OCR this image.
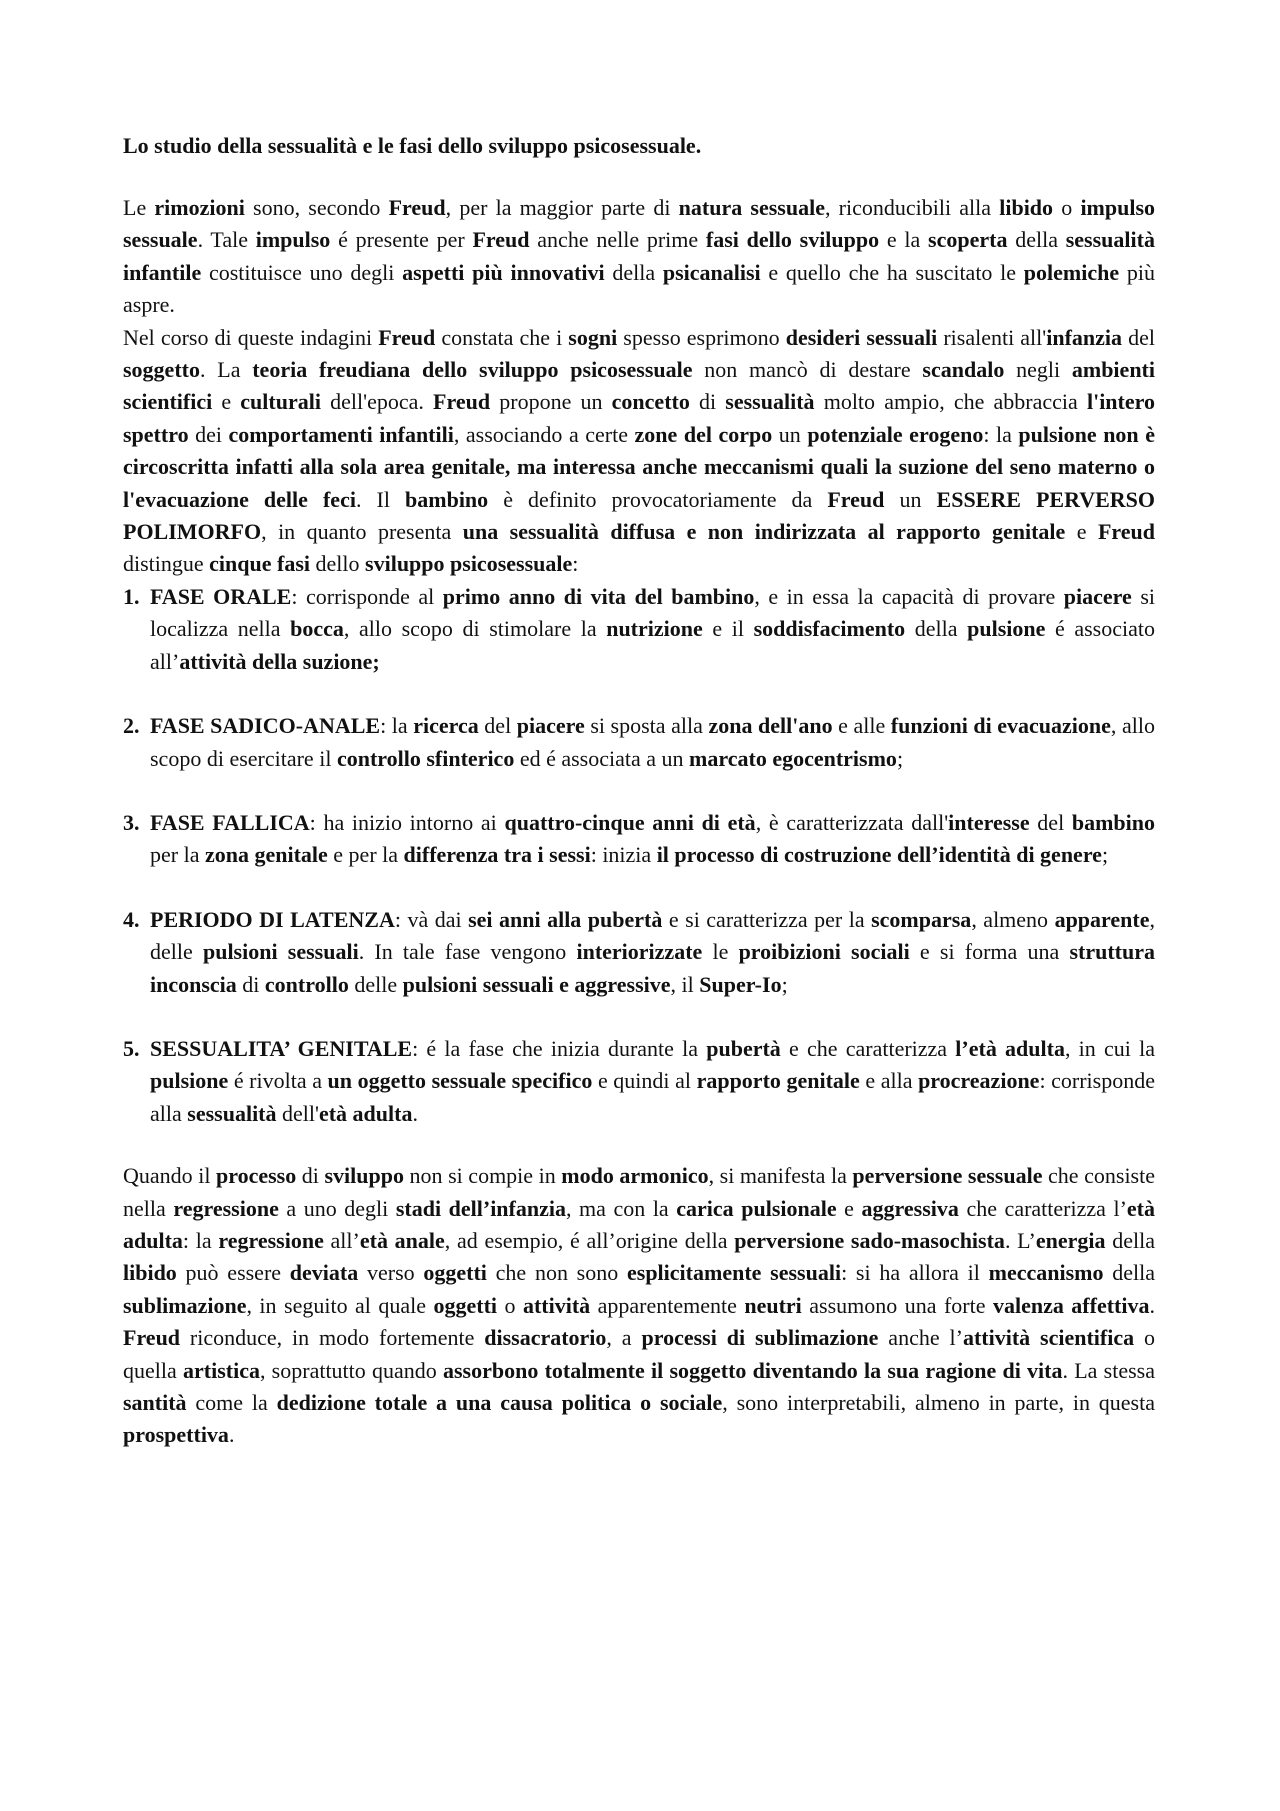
Lo studio della sessualità e le fasi dello sviluppo psicosessuale.

Le rimozioni sono, secondo Freud, per la maggior parte di natura sessuale, riconducibili alla libido o impulso sessuale. Tale impulso é presente per Freud anche nelle prime fasi dello sviluppo e la scoperta della sessualità infantile costituisce uno degli aspetti più innovativi della psicanalisi e quello che ha suscitato le polemiche più aspre.

Nel corso di queste indagini Freud constata che i sogni spesso esprimono desideri sessuali risalenti all'infanzia del soggetto. La teoria freudiana dello sviluppo psicosessuale non mancò di destare scandalo negli ambienti scientifici e culturali dell'epoca. Freud propone un concetto di sessualità molto ampio, che abbraccia l'intero spettro dei comportamenti infantili, associando a certe zone del corpo un potenziale erogeno: la pulsione non è circoscritta infatti alla sola area genitale, ma interessa anche meccanismi quali la suzione del seno materno o l'evacuazione delle feci. Il bambino è definito provocatoriamente da Freud un ESSERE PERVERSO POLIMORFO, in quanto presenta una sessualità diffusa e non indirizzata al rapporto genitale e Freud distingue cinque fasi dello sviluppo psicosessuale:

1. FASE ORALE: corrisponde al primo anno di vita del bambino, e in essa la capacità di provare piacere si localizza nella bocca, allo scopo di stimolare la nutrizione e il soddisfacimento della pulsione é associato all’attività della suzione;
2. FASE SADICO-ANALE: la ricerca del piacere si sposta alla zona dell'ano e alle funzioni di evacuazione, allo scopo di esercitare il controllo sfinterico ed é associata a un marcato egocentrismo;
3. FASE FALLICA: ha inizio intorno ai quattro-cinque anni di età, è caratterizzata dall'interesse del bambino per la zona genitale e per la differenza tra i sessi: inizia il processo di costruzione dell’identità di genere;
4. PERIODO DI LATENZA: và dai sei anni alla pubertà e si caratterizza per la scomparsa, almeno apparente, delle pulsioni sessuali. In tale fase vengono interiorizzate le proibizioni sociali e si forma una struttura inconscia di controllo delle pulsioni sessuali e aggressive, il Super-Io;
5. SESSUALITA’ GENITALE: é la fase che inizia durante la pubertà e che caratterizza l’età adulta, in cui la pulsione é rivolta a un oggetto sessuale specifico e quindi al rapporto genitale e alla procreazione: corrisponde alla sessualità dell'età adulta.

Quando il processo di sviluppo non si compie in modo armonico, si manifesta la perversione sessuale che consiste nella regressione a uno degli stadi dell’infanzia, ma con la carica pulsionale e aggressiva che caratterizza l’età adulta: la regressione all’età anale, ad esempio, é all’origine della perversione sado-masochista. L’energia della libido può essere deviata verso oggetti che non sono esplicitamente sessuali: si ha allora il meccanismo della sublimazione, in seguito al quale oggetti o attività apparentemente neutri assumono una forte valenza affettiva. Freud riconduce, in modo fortemente dissacratorio, a processi di sublimazione anche l’attività scientifica o quella artistica, soprattutto quando assorbono totalmente il soggetto diventando la sua ragione di vita. La stessa santità come la dedizione totale a una causa politica o sociale, sono interpretabili, almeno in parte, in questa prospettiva.
